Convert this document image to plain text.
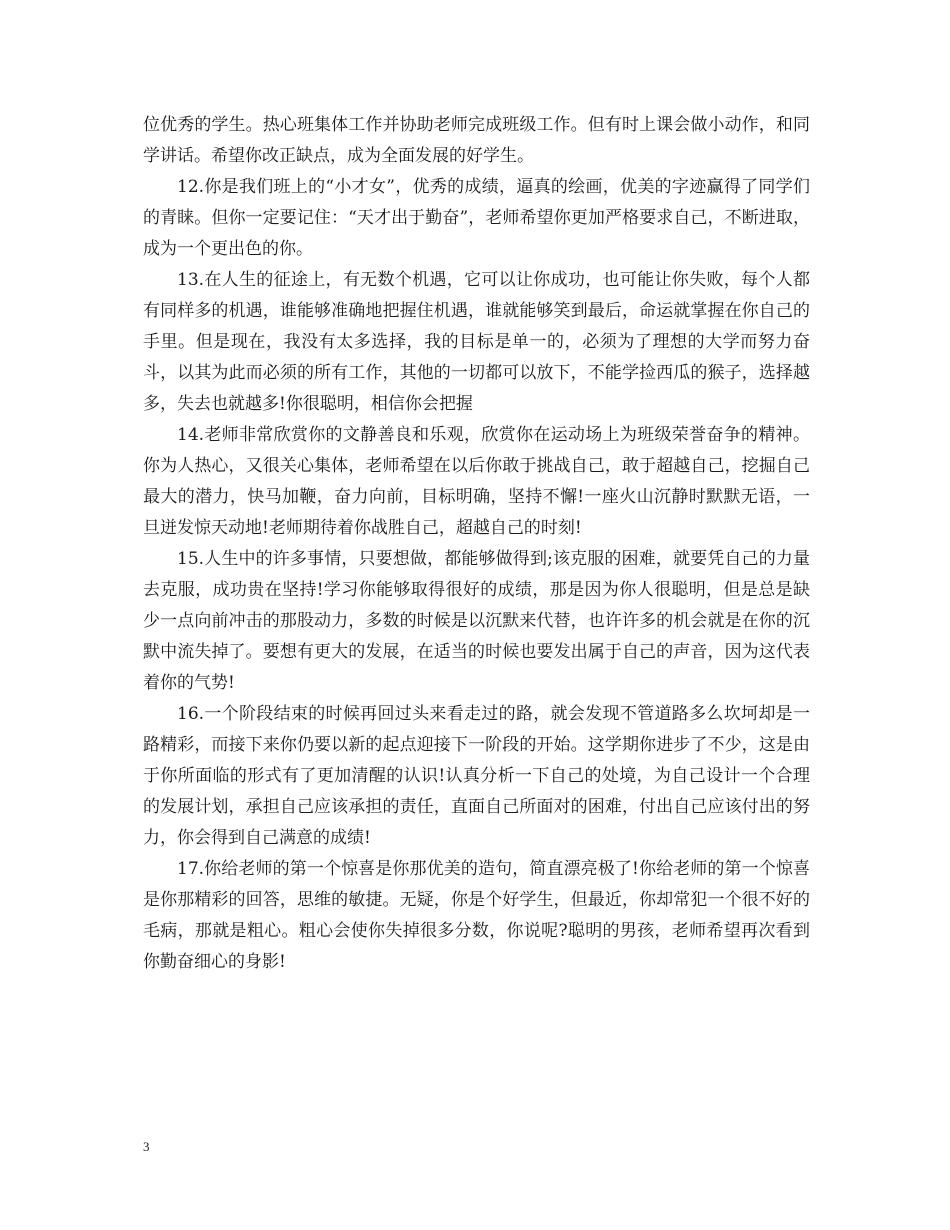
位优秀的学生。热心班集体工作并协助老师完成班级工作。但有时上课会做小动作，和同学讲话。希望你改正缺点，成为全面发展的好学生。

12.你是我们班上的“小才女”，优秀的成绩，逼真的绘画，优美的字迹赢得了同学们的青睐。但你一定要记住：“天才出于勤奋”，老师希望你更加严格要求自己，不断进取，成为一个更出色的你。

13.在人生的征途上，有无数个机遇，它可以让你成功，也可能让你失败，每个人都有同样多的机遇，谁能够准确地把握住机遇，谁就能够笑到最后，命运就掌握在你自己的手里。但是现在，我没有太多选择，我的目标是单一的，必须为了理想的大学而努力奋斗，以其为此而必须的所有工作，其他的一切都可以放下，不能学捡西瓜的猴子，选择越多，失去也就越多!你很聪明，相信你会把握

14.老师非常欣赏你的文静善良和乐观，欣赏你在运动场上为班级荣誉奋争的精神。你为人热心，又很关心集体，老师希望在以后你敢于挑战自己，敢于超越自己，挖掘自己最大的潜力，快马加鞭，奋力向前，目标明确，坚持不懈!一座火山沉静时默默无语，一旦迸发惊天动地!老师期待着你战胜自己，超越自己的时刻!

15.人生中的许多事情，只要想做，都能够做得到;该克服的困难，就要凭自己的力量去克服，成功贵在坚持!学习你能够取得很好的成绩，那是因为你人很聪明，但是总是缺少一点向前冲击的那股动力，多数的时候是以沉默来代替，也许许多的机会就是在你的沉默中流失掉了。要想有更大的发展，在适当的时候也要发出属于自己的声音，因为这代表着你的气势!

16.一个阶段结束的时候再回过头来看走过的路，就会发现不管道路多么坎坷却是一路精彩，而接下来你仍要以新的起点迎接下一阶段的开始。这学期你进步了不少，这是由于你所面临的形式有了更加清醒的认识!认真分析一下自己的处境，为自己设计一个合理的发展计划，承担自己应该承担的责任，直面自己所面对的困难，付出自己应该付出的努力，你会得到自己满意的成绩!

17.你给老师的第一个惊喜是你那优美的造句，简直漂亮极了!你给老师的第一个惊喜是你那精彩的回答，思维的敏捷。无疑，你是个好学生，但最近，你却常犯一个很不好的毛病，那就是粗心。粗心会使你失掉很多分数，你说呢?聪明的男孩，老师希望再次看到你勤奋细心的身影!

3
